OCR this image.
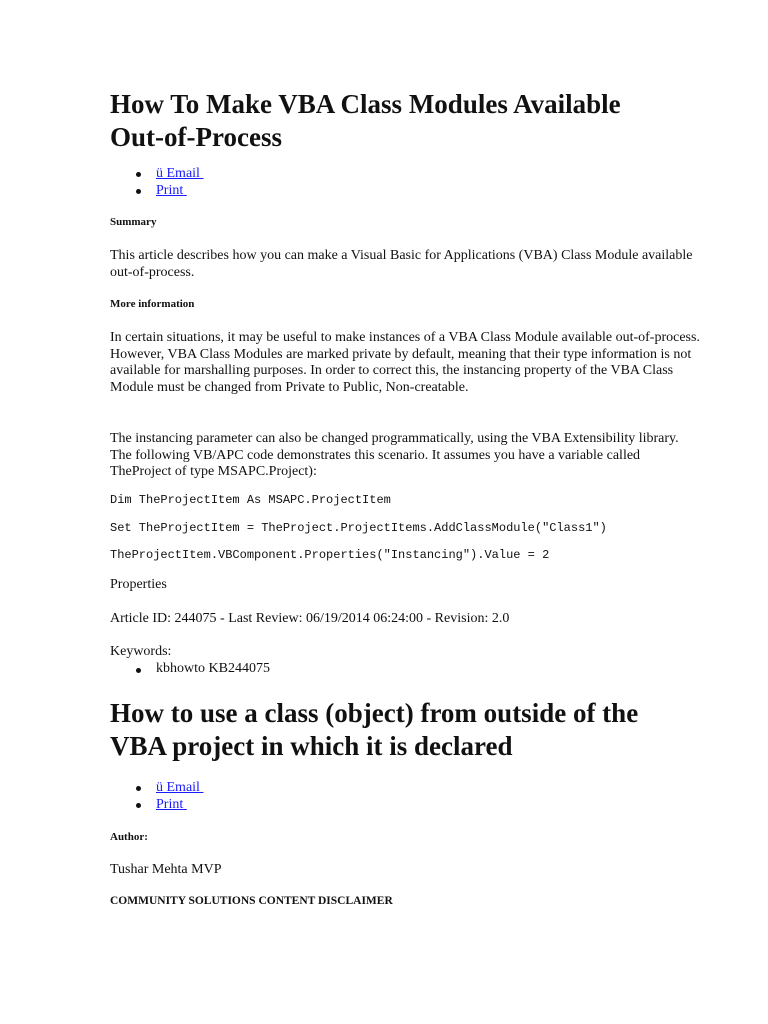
How To Make VBA Class Modules Available Out-of-Process
ü Email
Print
Summary
This article describes how you can make a Visual Basic for Applications (VBA) Class Module available out-of-process.
More information
In certain situations, it may be useful to make instances of a VBA Class Module available out-of-process. However, VBA Class Modules are marked private by default, meaning that their type information is not available for marshalling purposes. In order to correct this, the instancing property of the VBA Class Module must be changed from Private to Public, Non-creatable.
The instancing parameter can also be changed programmatically, using the VBA Extensibility library. The following VB/APC code demonstrates this scenario. It assumes you have a variable called TheProject of type MSAPC.Project):
Dim TheProjectItem As MSAPC.ProjectItem
Set TheProjectItem = TheProject.ProjectItems.AddClassModule("Class1")
TheProjectItem.VBComponent.Properties("Instancing").Value = 2
Properties
Article ID: 244075 - Last Review: 06/19/2014 06:24:00 - Revision: 2.0
Keywords:
kbhowto KB244075
How to use a class (object) from outside of the VBA project in which it is declared
ü Email
Print
Author:
Tushar Mehta MVP
COMMUNITY SOLUTIONS CONTENT DISCLAIMER
